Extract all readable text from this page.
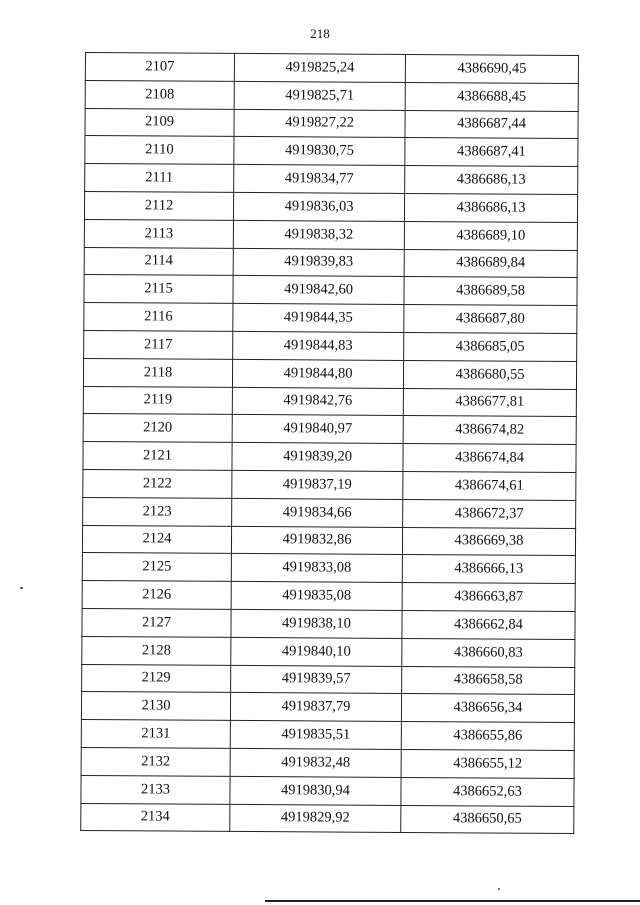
218
2107	4919825,24	4386690,45
2108	4919825,71	4386688,45
2109	4919827,22	4386687,44
2110	4919830,75	4386687,41
2111	4919834,77	4386686,13
2112	4919836,03	4386686,13
2113	4919838,32	4386689,10
2114	4919839,83	4386689,84
2115	4919842,60	4386689,58
2116	4919844,35	4386687,80
2117	4919844,83	4386685,05
2118	4919844,80	4386680,55
2119	4919842,76	4386677,81
2120	4919840,97	4386674,82
2121	4919839,20	4386674,84
2122	4919837,19	4386674,61
2123	4919834,66	4386672,37
2124	4919832,86	4386669,38
2125	4919833,08	4386666,13
2126	4919835,08	4386663,87
2127	4919838,10	4386662,84
2128	4919840,10	4386660,83
2129	4919839,57	4386658,58
2130	4919837,79	4386656,34
2131	4919835,51	4386655,86
2132	4919832,48	4386655,12
2133	4919830,94	4386652,63
2134	4919829,92	4386650,65
